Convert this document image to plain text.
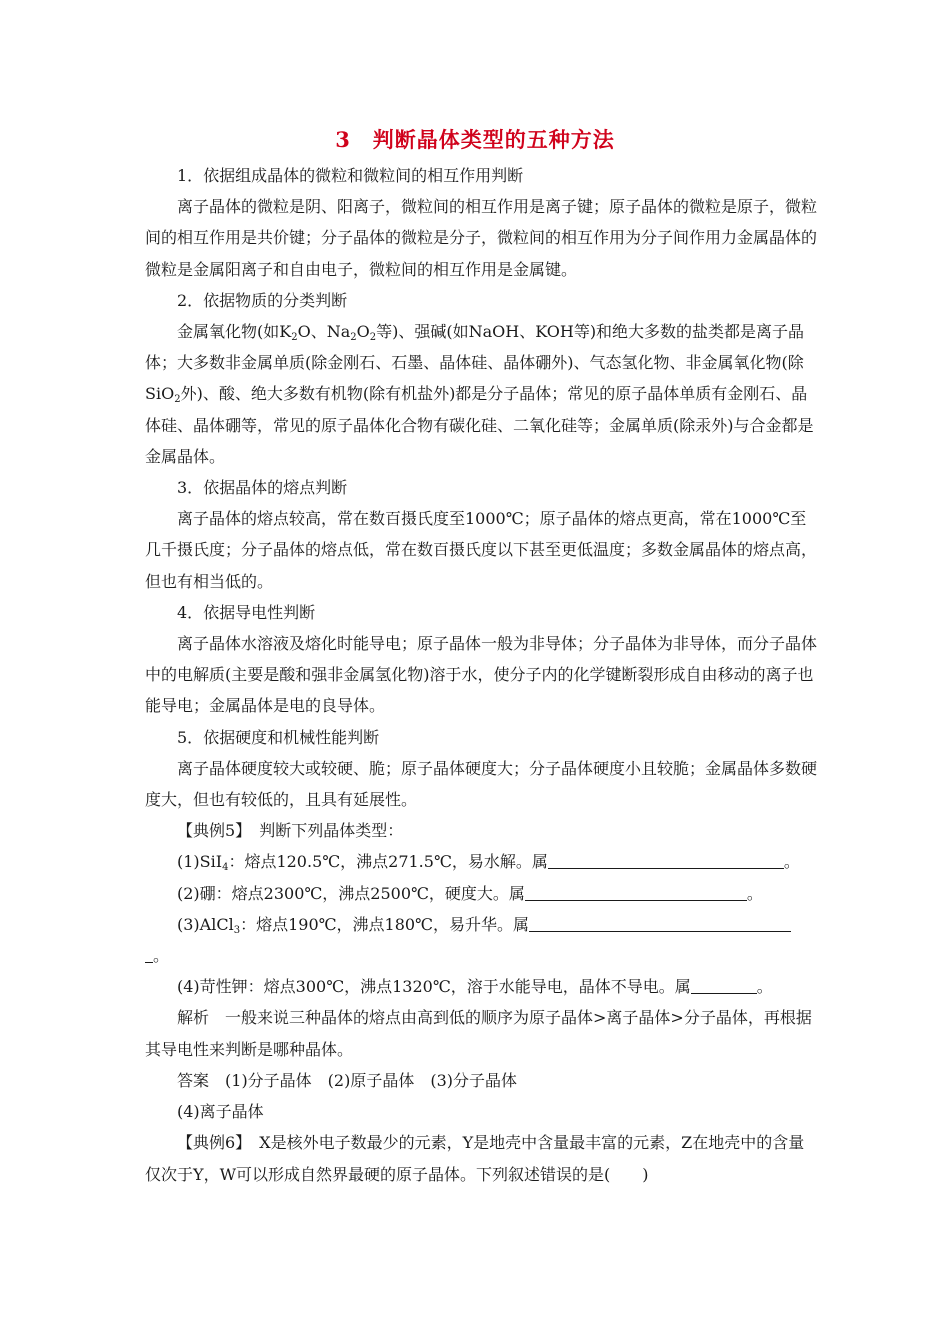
3　判断晶体类型的五种方法

1．依据组成晶体的微粒和微粒间的相互作用判断

离子晶体的微粒是阴、阳离子，微粒间的相互作用是离子键；原子晶体的微粒是原子，微粒间的相互作用是共价键；分子晶体的微粒是分子，微粒间的相互作用为分子间作用力金属晶体的微粒是金属阳离子和自由电子，微粒间的相互作用是金属键。

2．依据物质的分类判断

金属氧化物(如$K_2O$、$Na_2O_2$等)、强碱(如NaOH、KOH等)和绝大多数的盐类都是离子晶体；大多数非金属单质(除金刚石、石墨、晶体硅、晶体硼外)、气态氢化物、非金属氧化物(除SiO$_2$外)、酸、绝大多数有机物(除有机盐外)都是分子晶体；常见的原子晶体单质有金刚石、晶体硅、晶体硼等，常见的原子晶体化合物有碳化硅、二氧化硅等；金属单质(除汞外)与合金都是金属晶体。

3．依据晶体的熔点判断

离子晶体的熔点较高，常在数百摄氏度至1000℃；原子晶体的熔点更高，常在1000℃至几千摄氏度；分子晶体的熔点低，常在数百摄氏度以下甚至更低温度；多数金属晶体的熔点高，但也有相当低的。

4．依据导电性判断

离子晶体水溶液及熔化时能导电；原子晶体一般为非导体；分子晶体为非导体，而分子晶体中的电解质(主要是酸和强非金属氢化物)溶于水，使分子内的化学键断裂形成自由移动的离子也能导电；金属晶体是电的良导体。

5．依据硬度和机械性能判断

离子晶体硬度较大或较硬、脆；原子晶体硬度大；分子晶体硬度小且较脆；金属晶体多数硬度大，但也有较低的，且具有延展性。

【典例5】　判断下列晶体类型：

(1)SiI$_4$：熔点120.5℃，沸点271.5℃，易水解。属	。

(2)硼：熔点2300℃，沸点2500℃，硬度大。属	。

(3)AlCl$_3$：熔点190℃，沸点180℃，易升华。属

。

(4)苛性钾：熔点300℃，沸点1320℃，溶于水能导电，晶体不导电。属	。

解析　一般来说三种晶体的熔点由高到低的顺序为原子晶体>离子晶体>分子晶体，再根据其导电性来判断是哪种晶体。

答案　(1)分子晶体　(2)原子晶体　(3)分子晶体

(4)离子晶体

【典例6】　X是核外电子数最少的元素，Y是地壳中含量最丰富的元素，Z在地壳中的含量仅次于Y，W可以形成自然界最硬的原子晶体。下列叙述错误的是(　　)
